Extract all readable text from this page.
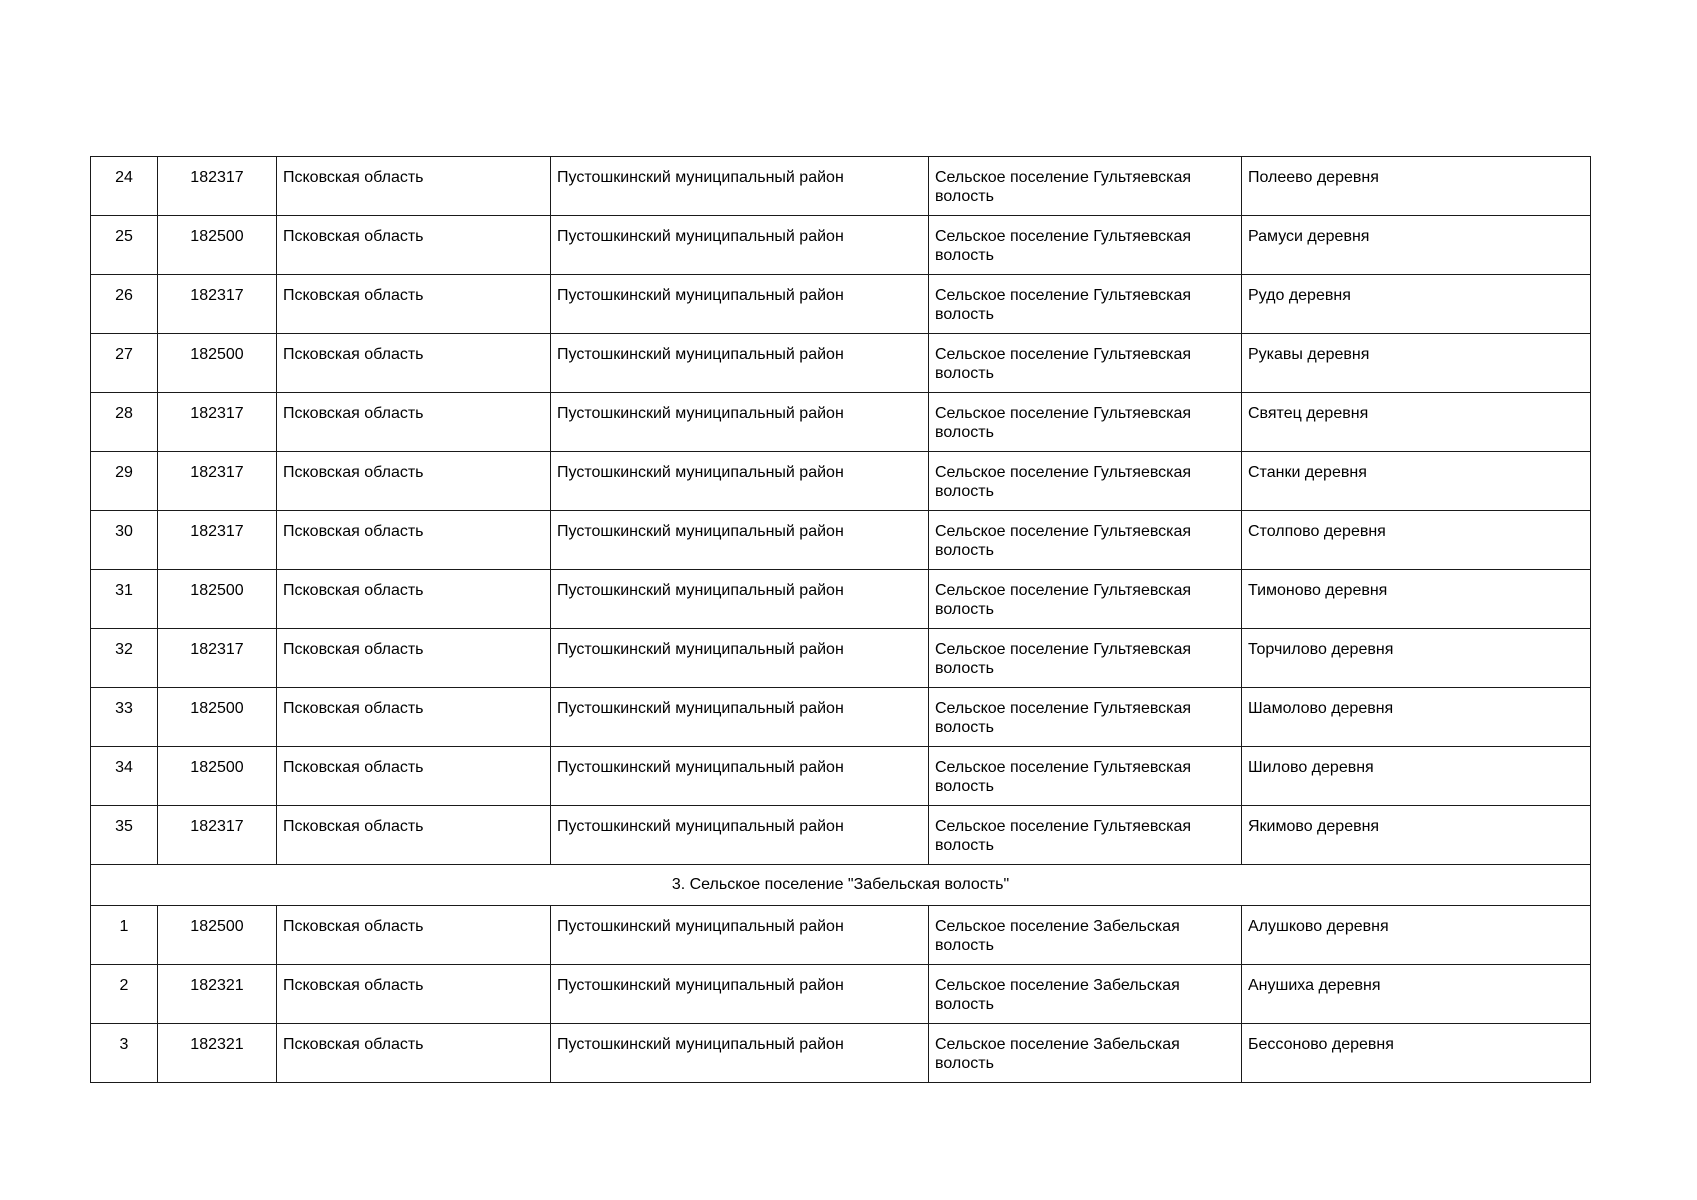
24	182317	Псковская область	Пустошкинский муниципальный район	Сельское поселение Гультяевская волость	Полеево деревня
25	182500	Псковская область	Пустошкинский муниципальный район	Сельское поселение Гультяевская волость	Рамуси деревня
26	182317	Псковская область	Пустошкинский муниципальный район	Сельское поселение Гультяевская волость	Рудо деревня
27	182500	Псковская область	Пустошкинский муниципальный район	Сельское поселение Гультяевская волость	Рукавы деревня
28	182317	Псковская область	Пустошкинский муниципальный район	Сельское поселение Гультяевская волость	Святец деревня
29	182317	Псковская область	Пустошкинский муниципальный район	Сельское поселение Гультяевская волость	Станки деревня
30	182317	Псковская область	Пустошкинский муниципальный район	Сельское поселение Гультяевская волость	Столпово деревня
31	182500	Псковская область	Пустошкинский муниципальный район	Сельское поселение Гультяевская волость	Тимоново деревня
32	182317	Псковская область	Пустошкинский муниципальный район	Сельское поселение Гультяевская волость	Торчилово деревня
33	182500	Псковская область	Пустошкинский муниципальный район	Сельское поселение Гультяевская волость	Шамолово деревня
34	182500	Псковская область	Пустошкинский муниципальный район	Сельское поселение Гультяевская волость	Шилово деревня
35	182317	Псковская область	Пустошкинский муниципальный район	Сельское поселение Гультяевская волость	Якимово деревня
3. Сельское поселение "Забельская волость"					
1	182500	Псковская область	Пустошкинский муниципальный район	Сельское поселение Забельская волость	Алушково деревня
2	182321	Псковская область	Пустошкинский муниципальный район	Сельское поселение Забельская волость	Анушиха деревня
3	182321	Псковская область	Пустошкинский муниципальный район	Сельское поселение Забельская волость	Бессоново деревня
